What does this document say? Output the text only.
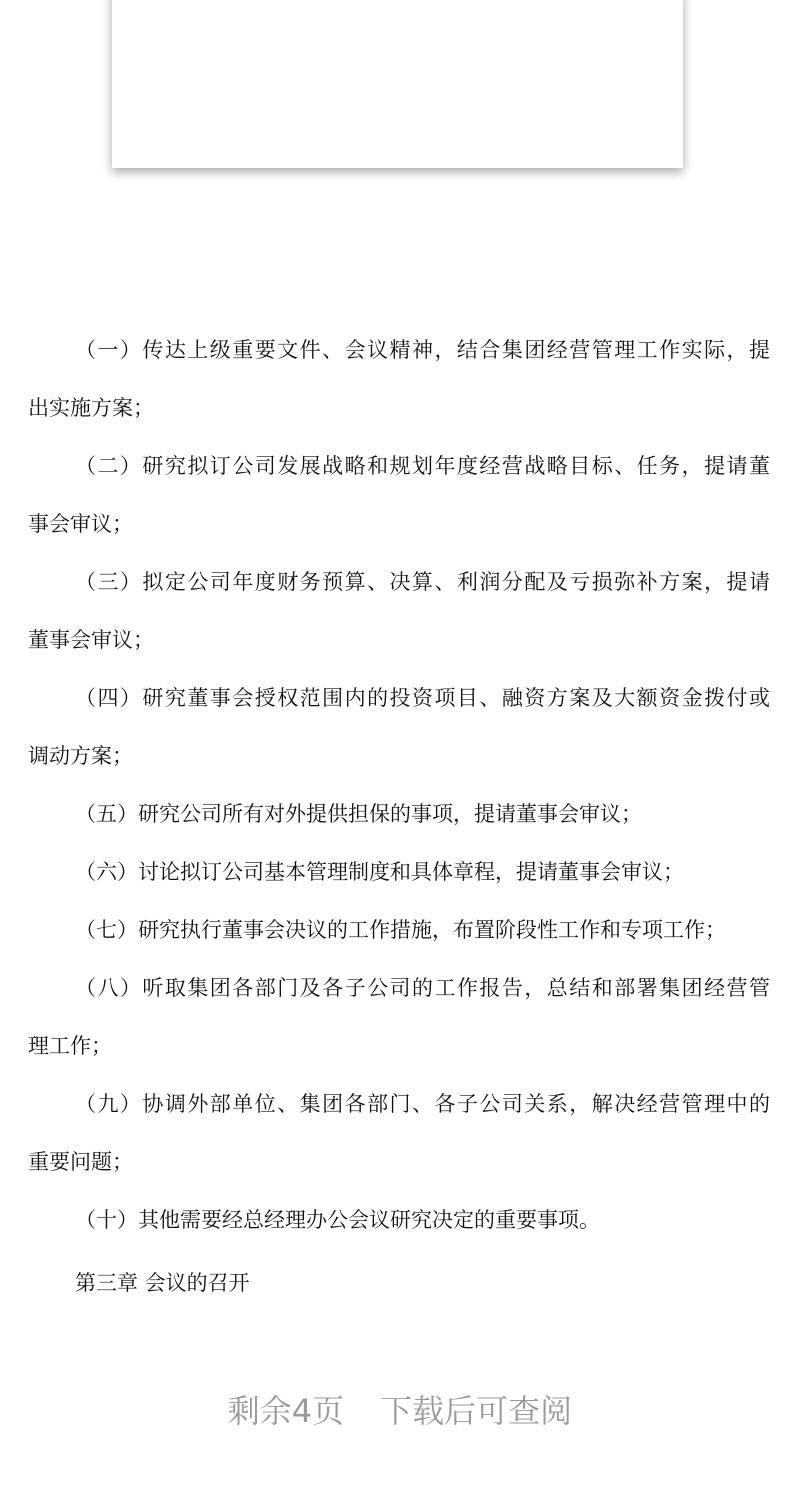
（一）传达上级重要文件、会议精神，结合集团经营管理工作实际，提
出实施方案；
（二）研究拟订公司发展战略和规划年度经营战略目标、任务，提请董
事会审议；
（三）拟定公司年度财务预算、决算、利润分配及亏损弥补方案，提请
董事会审议；
（四）研究董事会授权范围内的投资项目、融资方案及大额资金拨付或
调动方案；
（五）研究公司所有对外提供担保的事项，提请董事会审议；
（六）讨论拟订公司基本管理制度和具体章程，提请董事会审议；
（七）研究执行董事会决议的工作措施，布置阶段性工作和专项工作；
（八）听取集团各部门及各子公司的工作报告，总结和部署集团经营管
理工作；
（九）协调外部单位、集团各部门、各子公司关系，解决经营管理中的
重要问题；
（十）其他需要经总经理办公会议研究决定的重要事项。
第三章 会议的召开
剩余4页 下载后可查阅
